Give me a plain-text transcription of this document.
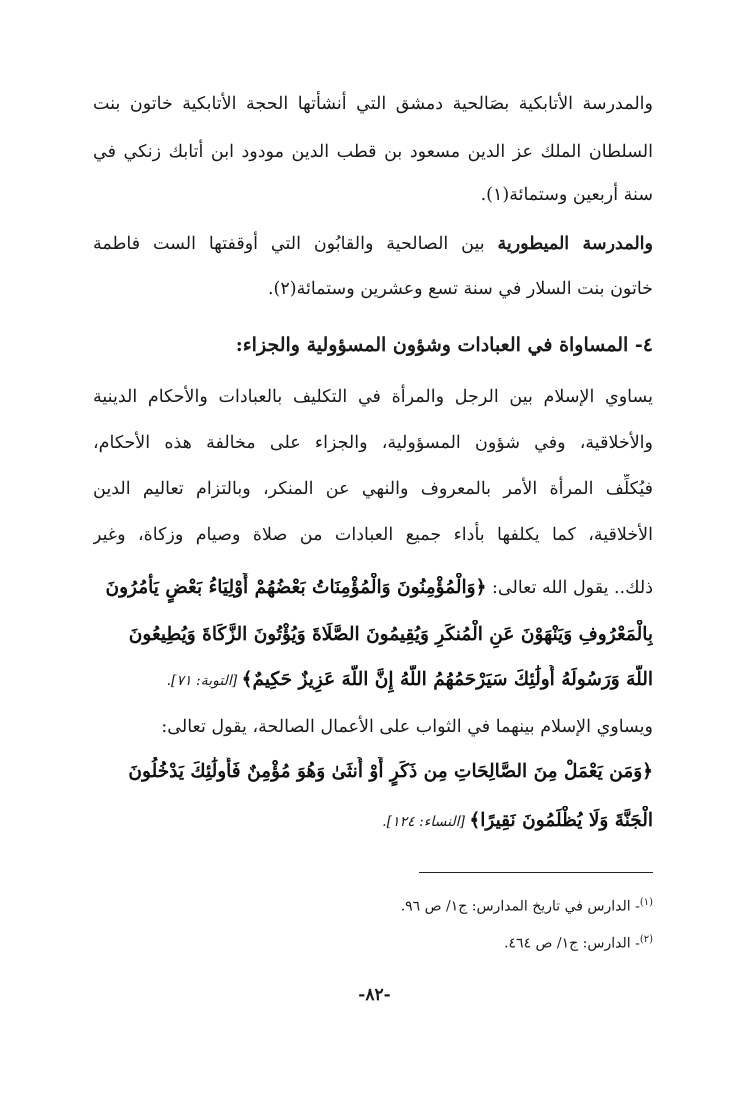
والمدرسة الأتابكية بصَالحية دمشق التي أنشأتها الحجة الأتابكية خاتون بنت
السلطان الملك عز الدين مسعود بن قطب الدين مودود ابن أتابك زنكي في
سنة أربعين وستمائة(١).
والمدرسة الميطورية بين الصالحية والقابُون التي أوقفتها الست فاطمة
خاتون بنت السلار في سنة تسع وعشرين وستمائة(٢).
٤- المساواة في العبادات وشؤون المسؤولية والجزاء:
يساوي الإسلام بين الرجل والمرأة في التكليف بالعبادات والأحكام الدينية
والأخلاقية، وفي شؤون المسؤولية، والجزاء على مخالفة هذه الأحكام،
فيُكلِّف المرأة الأمر بالمعروف والنهي عن المنكر، وبالتزام تعاليم الدين
الأخلاقية، كما يكلفها بأداء جميع العبادات من صلاة وصيام وزكاة، وغير
ذلك.. يقول الله تعالى: ﴿وَالْمُؤْمِنُونَ وَالْمُؤْمِنَاتُ بَعْضُهُمْ أَوْلِيَاءُ بَعْضٍ يَأْمُرُونَ
بِالْمَعْرُوفِ وَيَنْهَوْنَ عَنِ الْمُنكَرِ وَيُقِيمُونَ الصَّلَاةَ وَيُؤْتُونَ الزَّكَاةَ وَيُطِيعُونَ
اللَّهَ وَرَسُولَهُ أُولَٰئِكَ سَيَرْحَمُهُمُ اللَّهُ إِنَّ اللَّهَ عَزِيزٌ حَكِيمٌ﴾ [التوبة: ٧١].
ويساوي الإسلام بينهما في الثواب على الأعمال الصالحة، يقول تعالى:
﴿وَمَن يَعْمَلْ مِنَ الصَّالِحَاتِ مِن ذَكَرٍ أَوْ أُنثَىٰ وَهُوَ مُؤْمِنٌ فَأُولَٰئِكَ يَدْخُلُونَ
الْجَنَّةَ وَلَا يُظْلَمُونَ نَقِيرًا﴾ [النساء: ١٢٤].
$^{(١)}$- الدارس في تاريخ المدارس: ج١/ ص ٩٦.
$^{(٢)}$- الدارس: ج١/ ص ٤٦٤.
-٨٢-
